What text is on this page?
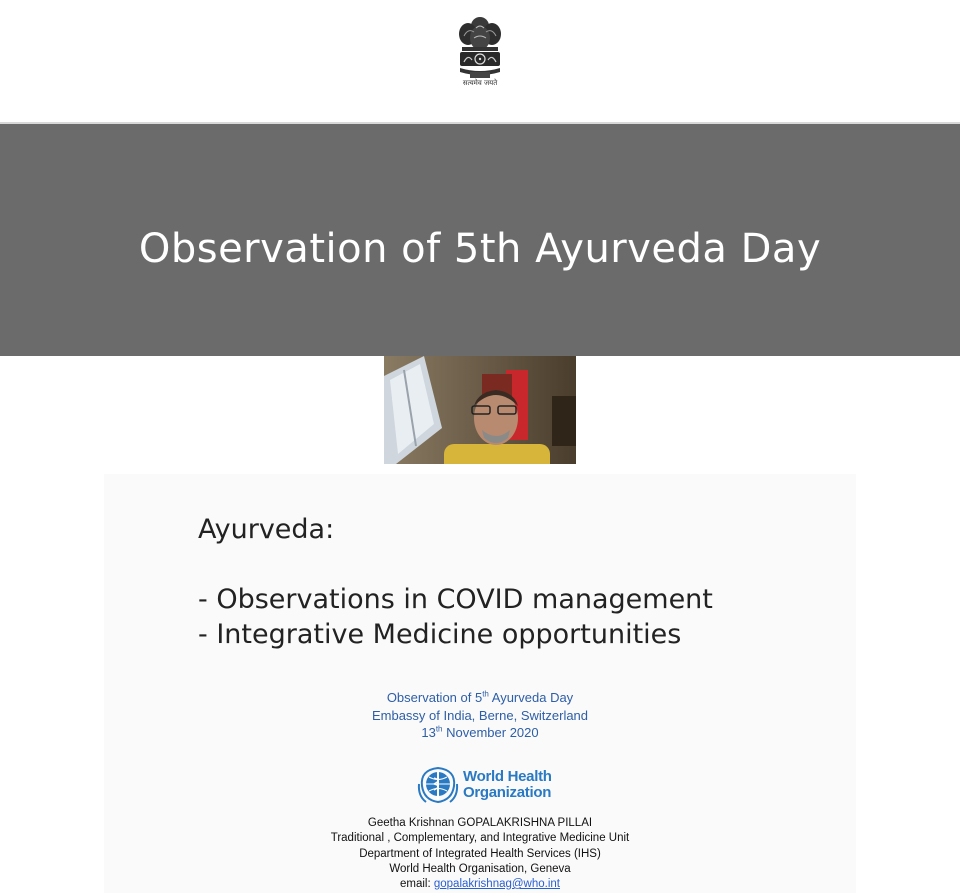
सत्यमेव जयते
Observation of 5th Ayurveda Day
Ayurveda:
- Observations in COVID management
- Integrative Medicine opportunities
Observation of 5th Ayurveda Day
Embassy of India, Berne, Switzerland
13th November 2020
World Health
Organization
Geetha Krishnan GOPALAKRISHNA PILLAI
Traditional , Complementary, and Integrative Medicine Unit
Department of Integrated Health Services (IHS)
World Health Organisation, Geneva
email: gopalakrishnag@who.int
